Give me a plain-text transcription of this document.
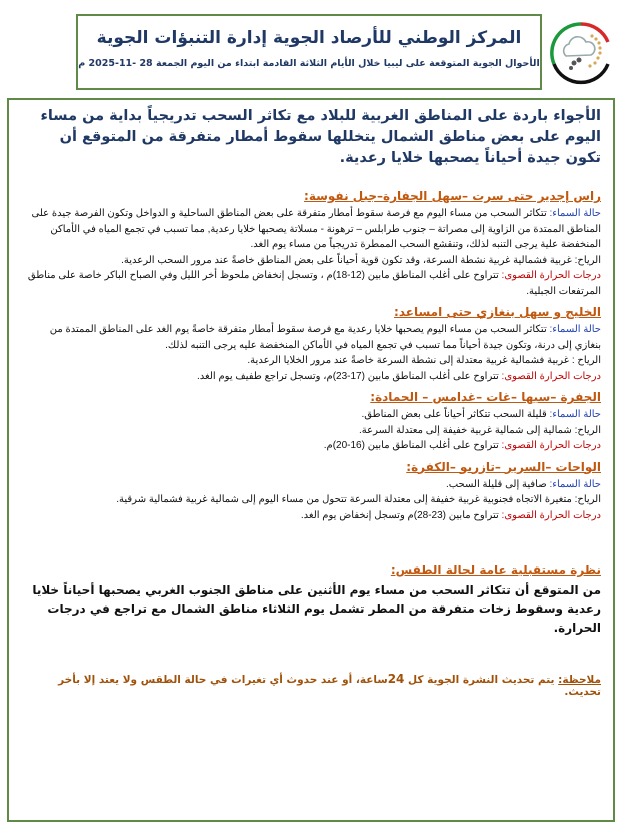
المركز الوطني للأرصاد الجوية إدارة التنبؤات الجوية
الأحوال الجوية المتوقعة على ليبيا خلال الأيام الثلاثة القادمة ابتداء من اليوم الجمعة 28 -11-2025 م

الأجواء باردة على المناطق الغربية للبلاد مع تكاثر السحب تدريجياً بداية من مساء اليوم على بعض مناطق الشمال يتخللها سقوط أمطار متفرقة من المتوقع أن تكون جيدة أحياناً يصحبها خلايا رعدية.

راس إجدير حتى سرت –سهل الجفارة–جبل نفوسة:

حالة السماء: تتكاثر السحب من مساء اليوم مع فرصة سقوط أمطار متفرقة على بعض المناطق الساحلية و الدواخل وتكون الفرصة جيدة على المناطق الممتدة من الزاوية إلى مصراتة – جنوب طرابلس – ترهونة - مسلاتة يصحبها خلايا رعدية, مما تسبب في تجمع المياه في الأماكن المنخفضة علية يرجى التنبه لذلك، وتنقشع السحب الممطرة تدريجياً من مساء يوم الغد.

الرياح: غربية فشمالية غربية نشطة السرعة، وقد تكون قوية أحياناً على بعض المناطق خاصةً عند مرور السحب الرعدية.

درجات الحرارة القصوى: تتراوح على أغلب المناطق مابين (12-18)م ، وتسجل إنخفاض ملحوظ أخر الليل وفي الصباح الباكر خاصة على مناطق المرتفعات الجبلية.

الخليج و سهل بنغازي حتى امساعد:

حالة السماء: تتكاثر السحب من مساء اليوم يصحبها خلايا رعدية مع فرصة سقوط أمطار متفرقة خاصةً يوم الغد على المناطق الممتدة من بنغازي إلى درنة، وتكون جيدة أحياناً مما تسبب في تجمع المياه في الأماكن المنخفضة عليه يرجى التنبه لذلك.

الرياح : غربية فشمالية غربية معتدلة إلى نشطة السرعة خاصةً عند مرور الخلايا الرعدية.

درجات الحرارة القصوى: تتراوح على أغلب المناطق مابين (17-23)م، وتسجل تراجع طفيف يوم الغد.

الجفرة –سبها –غات –غدامس – الحمادة:

حالة السماء: قليلة السحب تتكاثر أحياناً على بعض المناطق.

الرياح: شمالية إلى شمالية غربية خفيفة إلى معتدلة السرعة.

درجات الحرارة القصوى: تتراوح على أغلب المناطق مابين (16-20)م.

الواحات –السرير –تازربو –الكفرة:

حالة السماء: صافية إلى قليلة السحب.

الرياح: متغيرة الاتجاه فجنوبية غربية خفيفة إلى معتدلة السرعة تتحول من مساء اليوم إلى شمالية غربية فشمالية شرقية.

درجات الحرارة القصوى: تتراوح مابين (23-28)م وتسجل إنخفاض يوم الغد.

نظرة مستقبلية عامة لحالة الطقس:

من المتوقع أن تتكاثر السحب من مساء يوم الأثنين على مناطق الجنوب الغربي يصحبها أحياناً خلايا رعدية وسقوط زخات متفرقة من المطر تشمل يوم الثلاثاء مناطق الشمال مع تراجع في درجات الحرارة.

ملاحظة: يتم تحديث النشرة الجوية كل 24ساعة، أو عند حدوث أي تغيرات في حالة الطقس ولا يعتد إلا بأخر تحديث.
